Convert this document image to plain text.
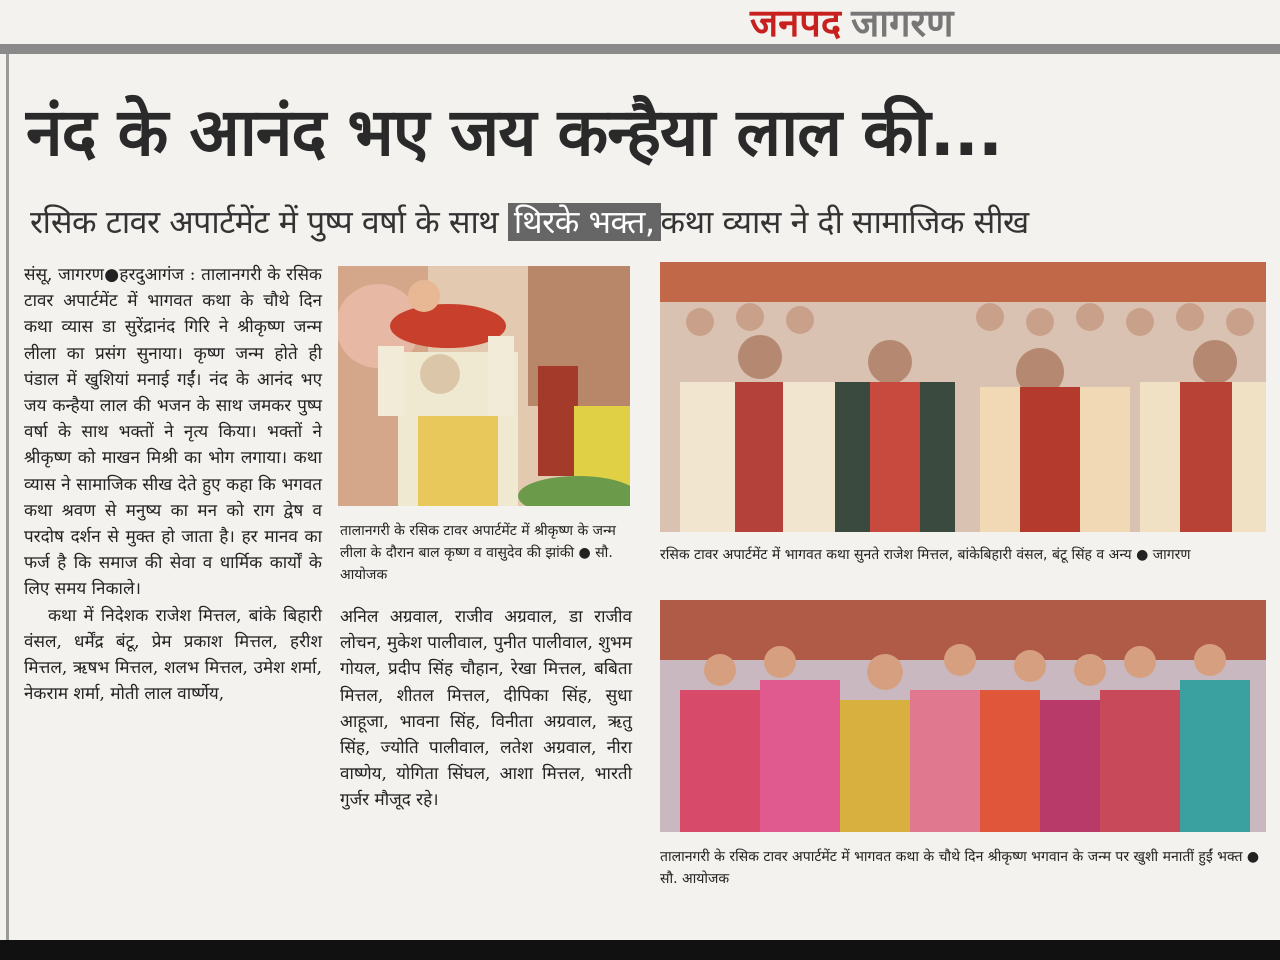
जनपद जागरण
नंद के आनंद भए जय कन्हैया लाल की...
रसिक टावर अपार्टमेंट में पुष्प वर्षा के साथ थिरके भक्त, कथा व्यास ने दी सामाजिक सीख
संसू, जागरण●हरदुआगंज : तालानगरी के रसिक टावर अपार्टमेंट में भागवत कथा के चौथे दिन कथा व्यास डा सुरेंद्रानंद गिरि ने श्रीकृष्ण जन्म लीला का प्रसंग सुनाया। कृष्ण जन्म होते ही पंडाल में खुशियां मनाई गईं। नंद के आनंद भए जय कन्हैया लाल की भजन के साथ जमकर पुष्प वर्षा के साथ भक्तों ने नृत्य किया। भक्तों ने श्रीकृष्ण को माखन मिश्री का भोग लगाया। कथा व्यास ने सामाजिक सीख देते हुए कहा कि भगवत कथा श्रवण से मनुष्य का मन को राग द्वेष व परदोष दर्शन से मुक्त हो जाता है। हर मानव का फर्ज है कि समाज की सेवा व धार्मिक कार्यों के लिए समय निकाले।
कथा में निदेशक राजेश मित्तल, बांके बिहारी वंसल, धर्मेंद्र बंटू, प्रेम प्रकाश मित्तल, हरीश मित्तल, ऋषभ मित्तल, शलभ मित्तल, उमेश शर्मा, नेकराम शर्मा, मोती लाल वार्ष्णेय,
तालानगरी के रसिक टावर अपार्टमेंट में श्रीकृष्ण के जन्म लीला के दौरान बाल कृष्ण व वासुदेव की झांकी ● सौ. आयोजक
अनिल अग्रवाल, राजीव अग्रवाल, डा राजीव लोचन, मुकेश पालीवाल, पुनीत पालीवाल, शुभम गोयल, प्रदीप सिंह चौहान, रेखा मित्तल, बबिता मित्तल, शीतल मित्तल, दीपिका सिंह, सुधा आहूजा, भावना सिंह, विनीता अग्रवाल, ऋतु सिंह, ज्योति पालीवाल, लतेश अग्रवाल, नीरा वाष्णेय, योगिता सिंघल, आशा मित्तल, भारती गुर्जर मौजूद रहे।
रसिक टावर अपार्टमेंट में भागवत कथा सुनते राजेश मित्तल, बांकेबिहारी वंसल, बंटू सिंह व अन्य ● जागरण
तालानगरी के रसिक टावर अपार्टमेंट में भागवत कथा के चौथे दिन श्रीकृष्ण भगवान के जन्म पर खुशी मनातीं हुईं भक्त ● सौ. आयोजक
